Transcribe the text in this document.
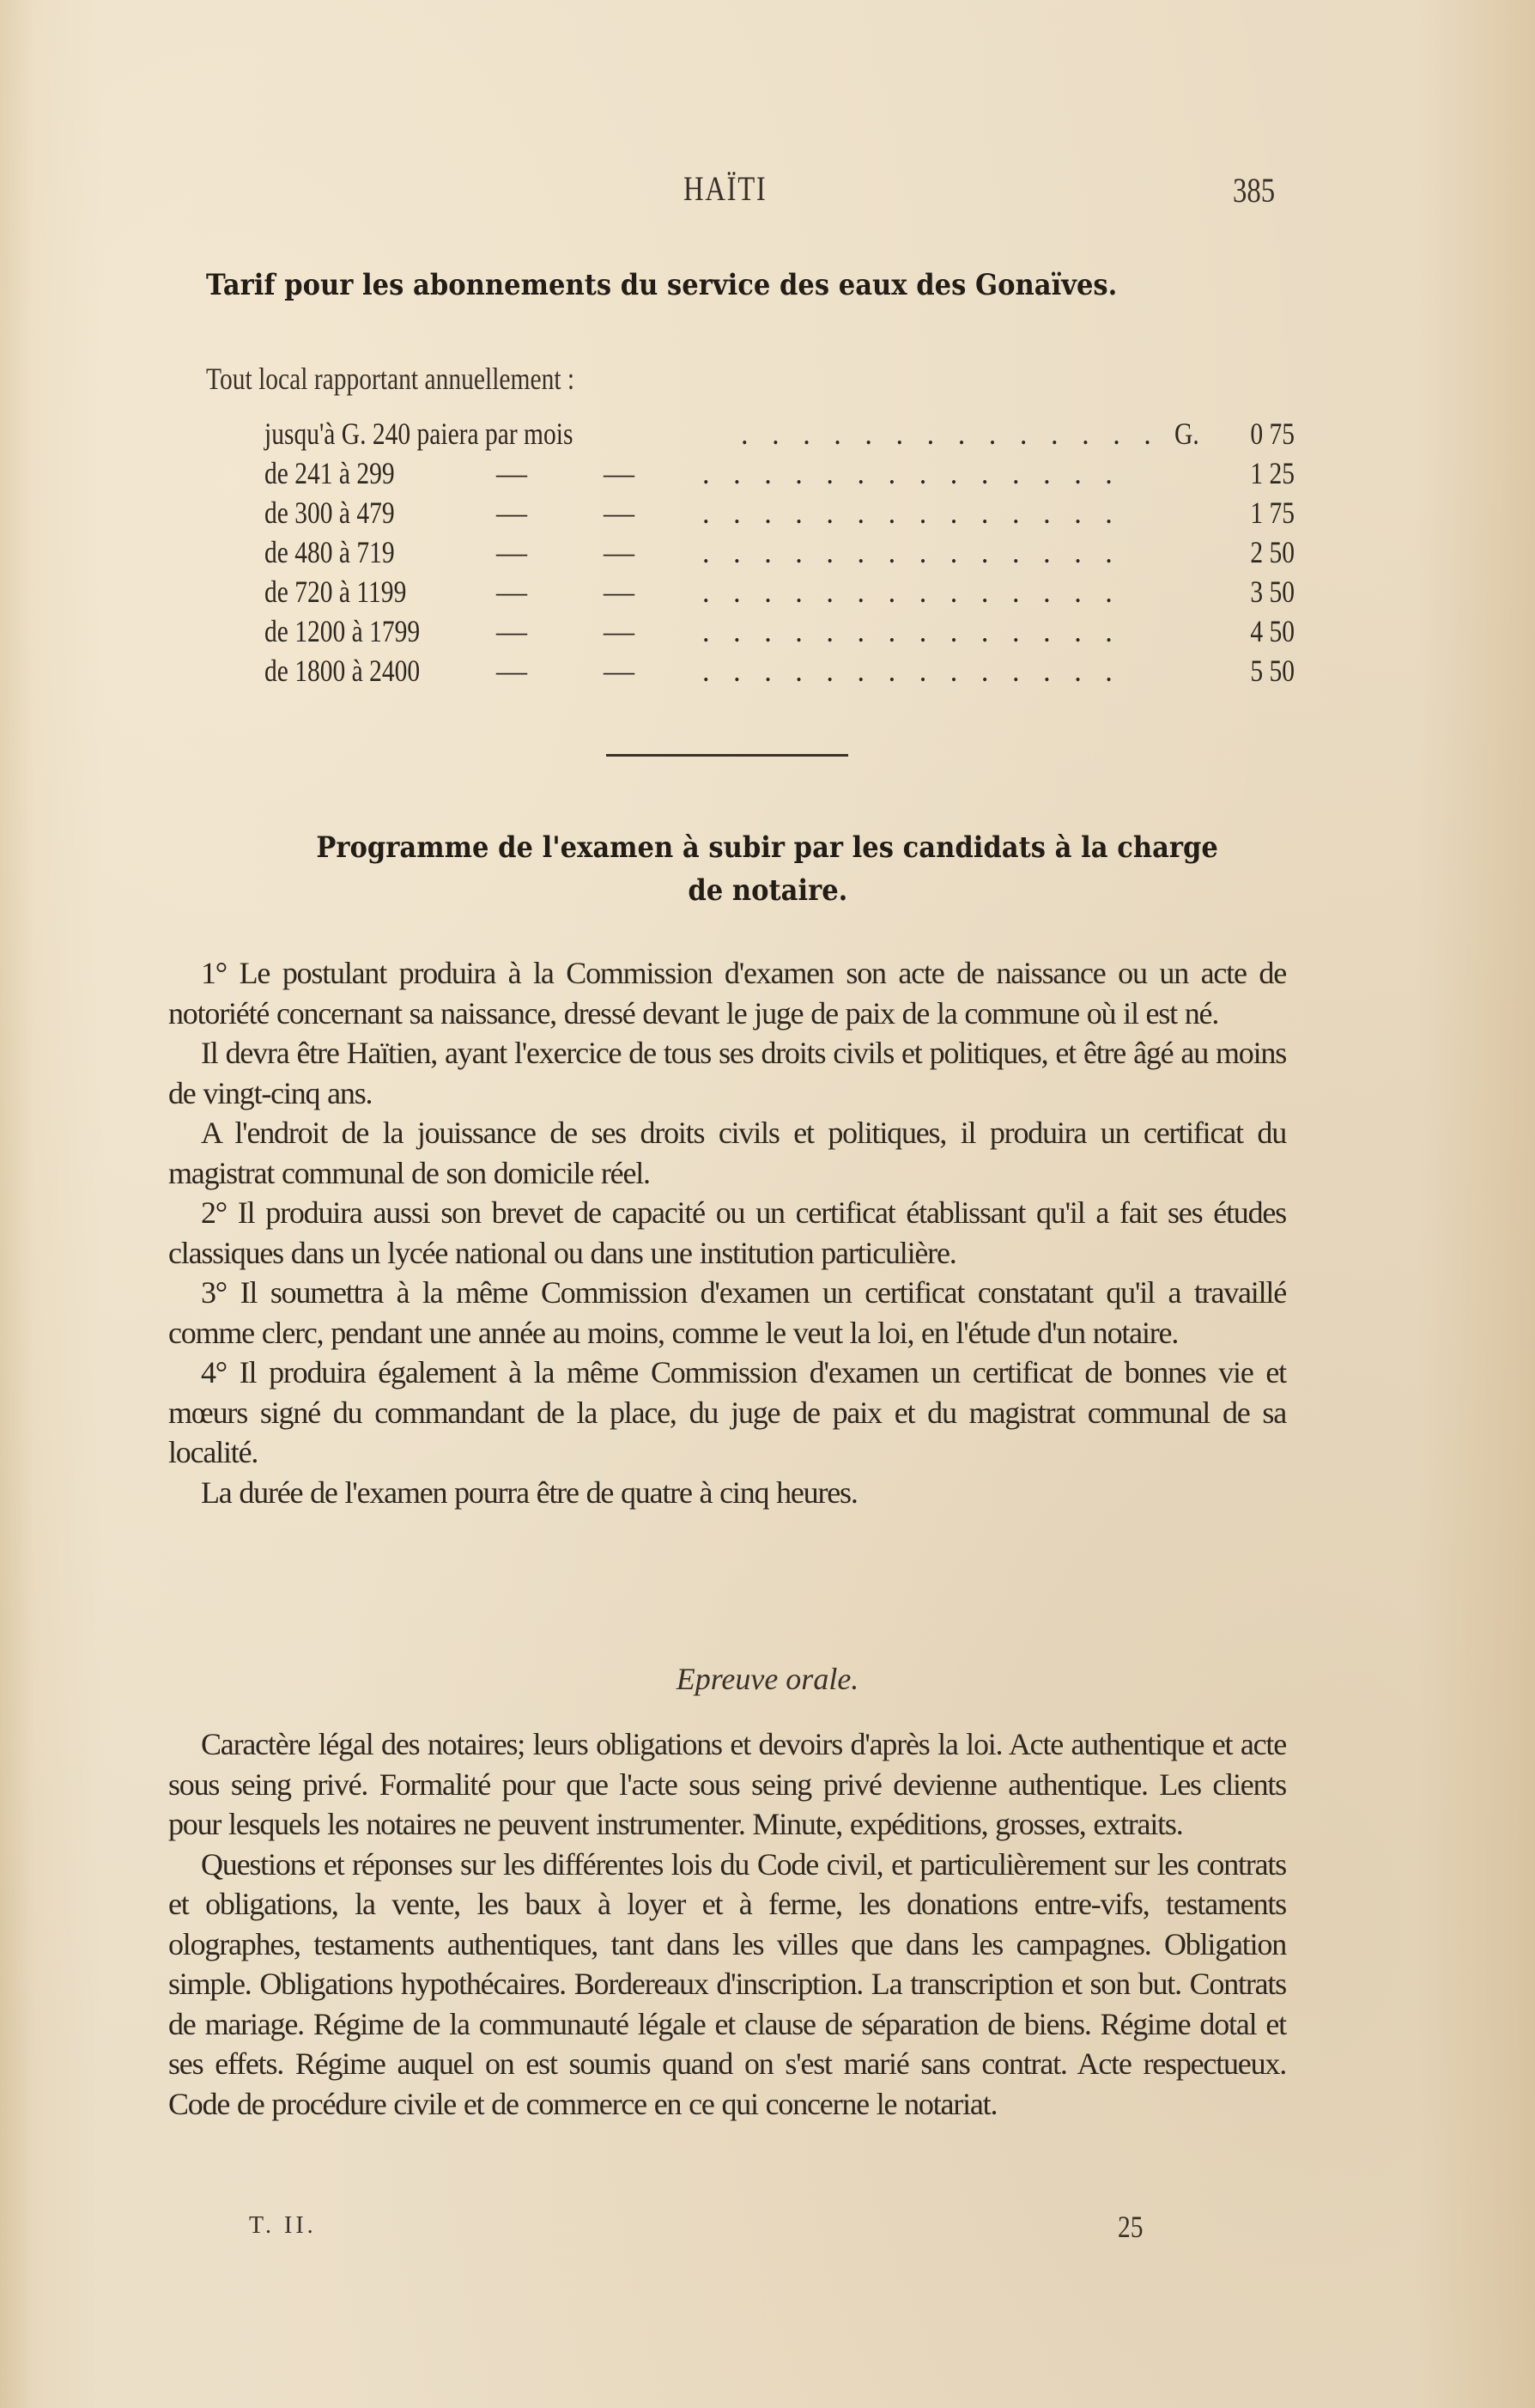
HAÏTI	385
Tarif pour les abonnements du service des eaux des Gonaïves.
Tout local rapportant annuellement :
jusqu'à G. 240 paiera par mois	. . . . . . . . . . . . . . G. 0 75
de 241 à 299	— — . . . . . . . . . . . . . .	1 25
de 300 à 479	— — . . . . . . . . . . . . . .	1 75
de 480 à 719	— — . . . . . . . . . . . . . .	2 50
de 720 à 1199	— — . . . . . . . . . . . . . .	3 50
de 1200 à 1799 — — . . . . . . . . . . . . . .	4 50
de 1800 à 2400 — — . . . . . . . . . . . . . .	5 50
Programme de l'examen à subir par les candidats à la charge
de notaire.

1° Le postulant produira à la Commission d'examen son acte de naissance ou un acte de notoriété concernant sa naissance, dressé devant le juge de paix de la commune où il est né.

Il devra être Haïtien, ayant l'exercice de tous ses droits civils et politiques, et être âgé au moins de vingt-cinq ans.

A l'endroit de la jouissance de ses droits civils et politiques, il produira un certificat du magistrat communal de son domicile réel.

2° Il produira aussi son brevet de capacité ou un certificat établissant qu'il a fait ses études classiques dans un lycée national ou dans une institution particulière.

3° Il soumettra à la même Commission d'examen un certificat constatant qu'il a travaillé comme clerc, pendant une année au moins, comme le veut la loi, en l'étude d'un notaire.

4° Il produira également à la même Commission d'examen un certificat de bonnes vie et mœurs signé du commandant de la place, du juge de paix et du magistrat communal de sa localité.

La durée de l'examen pourra être de quatre à cinq heures.

Epreuve orale.

Caractère légal des notaires; leurs obligations et devoirs d'après la loi. Acte authentique et acte sous seing privé. Formalité pour que l'acte sous seing privé devienne authentique. Les clients pour lesquels les notaires ne peuvent instrumenter. Minute, expéditions, grosses, extraits.

Questions et réponses sur les différentes lois du Code civil, et particulièrement sur les contrats et obligations, la vente, les baux à loyer et à ferme, les donations entre-vifs, testaments olographes, testaments authentiques, tant dans les villes que dans les campagnes. Obligation simple. Obligations hypothécaires. Bordereaux d'inscription. La transcription et son but. Contrats de mariage. Régime de la communauté légale et clause de séparation de biens. Régime dotal et ses effets. Régime auquel on est soumis quand on s'est marié sans contrat. Acte respectueux. Code de procédure civile et de commerce en ce qui concerne le notariat.

T. II.	25
